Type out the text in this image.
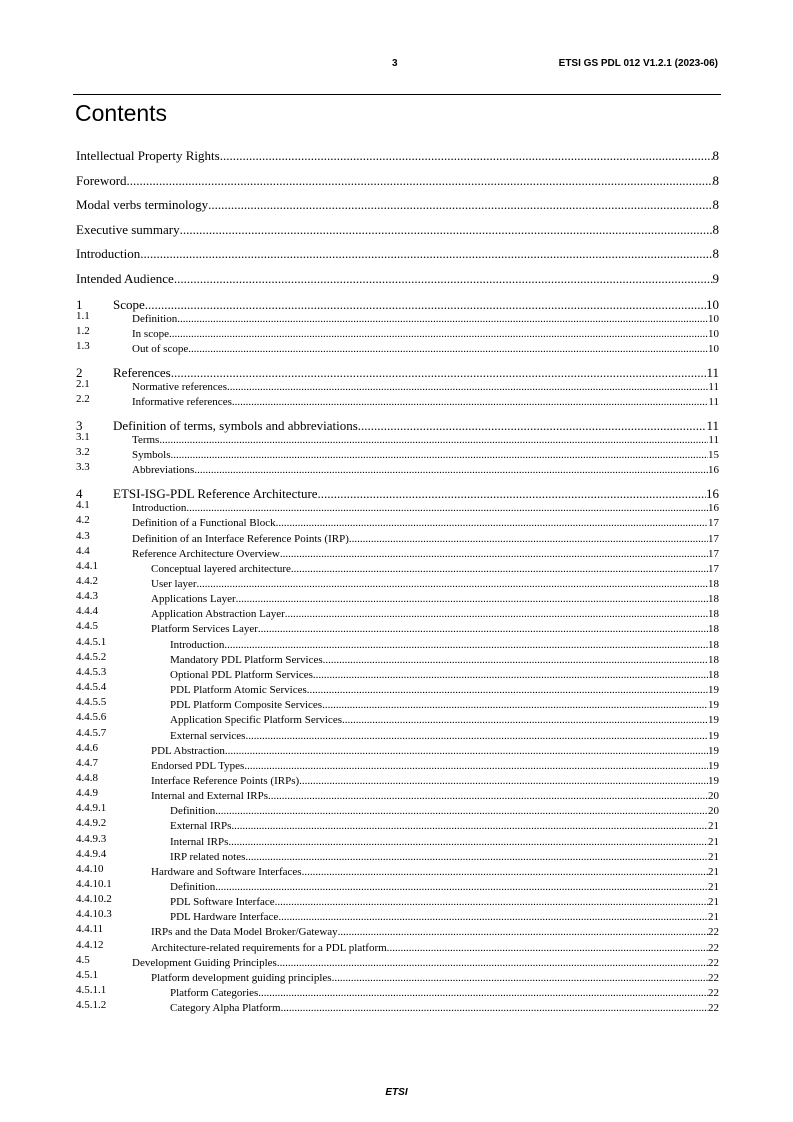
3	ETSI GS PDL 012 V1.2.1 (2023-06)
Contents
Intellectual Property Rights .....	8
Foreword .....	8
Modal verbs terminology .....	8
Executive summary .....	8
Introduction .....	8
Intended Audience .....	9
1	Scope .....	10
1.1	Definition .....	10
1.2	In scope .....	10
1.3	Out of scope .....	10
2	References .....	11
2.1	Normative references .....	11
2.2	Informative references .....	11
3	Definition of terms, symbols and abbreviations .....	11
3.1	Terms .....	11
3.2	Symbols .....	15
3.3	Abbreviations .....	16
4	ETSI-ISG-PDL Reference Architecture .....	16
4.1	Introduction .....	16
4.2	Definition of a Functional Block .....	17
4.3	Definition of an Interface Reference Points (IRP) .....	17
4.4	Reference Architecture Overview .....	17
4.4.1	Conceptual layered architecture .....	17
4.4.2	User layer .....	18
4.4.3	Applications Layer .....	18
4.4.4	Application Abstraction Layer .....	18
4.4.5	Platform Services Layer .....	18
4.4.5.1	Introduction .....	18
4.4.5.2	Mandatory PDL Platform Services .....	18
4.4.5.3	Optional PDL Platform Services .....	18
4.4.5.4	PDL Platform Atomic Services .....	19
4.4.5.5	PDL Platform Composite Services .....	19
4.4.5.6	Application Specific Platform Services .....	19
4.4.5.7	External services .....	19
4.4.6	PDL Abstraction .....	19
4.4.7	Endorsed PDL Types .....	19
4.4.8	Interface Reference Points (IRPs) .....	19
4.4.9	Internal and External IRPs .....	20
4.4.9.1	Definition .....	20
4.4.9.2	External IRPs .....	21
4.4.9.3	Internal IRPs .....	21
4.4.9.4	IRP related notes .....	21
4.4.10	Hardware and Software Interfaces .....	21
4.4.10.1	Definition .....	21
4.4.10.2	PDL Software Interface .....	21
4.4.10.3	PDL Hardware Interface .....	21
4.4.11	IRPs and the Data Model Broker/Gateway .....	22
4.4.12	Architecture-related requirements for a PDL platform. .....	22
4.5	Development Guiding Principles .....	22
4.5.1	Platform development guiding principles .....	22
4.5.1.1	Platform Categories .....	22
4.5.1.2	Category Alpha Platform .....	22
ETSI
